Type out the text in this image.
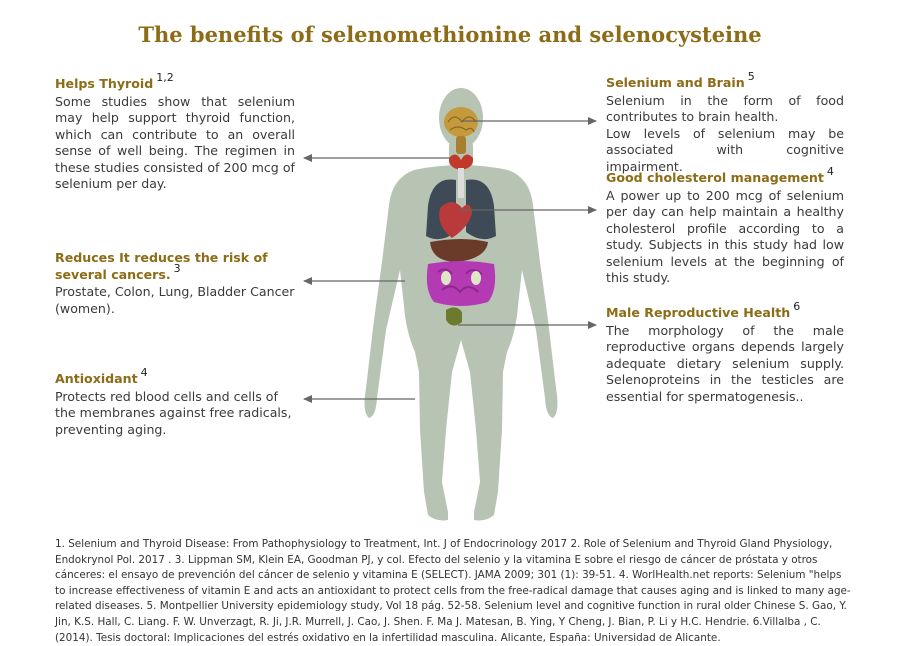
The benefits of selenomethionine and selenocysteine
Helps Thyroid 1,2

Some studies show that selenium may help support thyroid function, which can contribute to an overall sense of well being. The regimen in these studies consisted of 200 mcg of selenium per day.

Reduces It reduces the risk of several cancers. 3

Prostate, Colon, Lung, Bladder Cancer (women).

Antioxidant 4

Protects red blood cells and cells of the membranes against free radicals, preventing aging.

Selenium and Brain 5

Selenium in the form of food contributes to brain health.

Low levels of selenium may be associated with cognitive impairment.

Good cholesterol management 4

A power up to 200 mcg of selenium per day can help maintain a healthy cholesterol profile according to a study. Subjects in this study had low selenium levels at the beginning of this study.

Male Reproductive Health 6

The morphology of the male reproductive organs depends largely adequate dietary selenium supply. Selenoproteins in the testicles are essential for spermatogenesis..

1. Selenium and Thyroid Disease: From Pathophysiology to Treatment, Int. J of Endocrinology 2017 2. Role of Selenium and Thyroid Gland Physiology, Endokrynol Pol. 2017 . 3. Lippman SM, Klein EA, Goodman PJ, y col. Efecto del selenio y la vitamina E sobre el riesgo de cáncer de próstata y otros cánceres: el ensayo de prevención del cáncer de selenio y vitamina E (SELECT). JAMA 2009; 301 (1): 39-51. 4. WorlHealth.net reports: Selenium "helps to increase effectiveness of vitamin E and acts an antioxidant to protect cells from the free-radical damage that causes aging and is linked to many age-related diseases. 5. Montpellier University epidemiology study, Vol 18 pág. 52-58. Selenium level and cognitive function in rural older Chinese S. Gao, Y. Jin, K.S. Hall, C. Liang. F. W. Unverzagt, R. Ji, J.R. Murrell, J. Cao, J. Shen. F. Ma J. Matesan, B. Ying, Y Cheng, J. Bian, P. Li y H.C. Hendrie. 6.Villalba , C. (2014). Tesis doctoral: Implicaciones del estrés oxidativo en la infertilidad masculina. Alicante, España: Universidad de Alicante.
